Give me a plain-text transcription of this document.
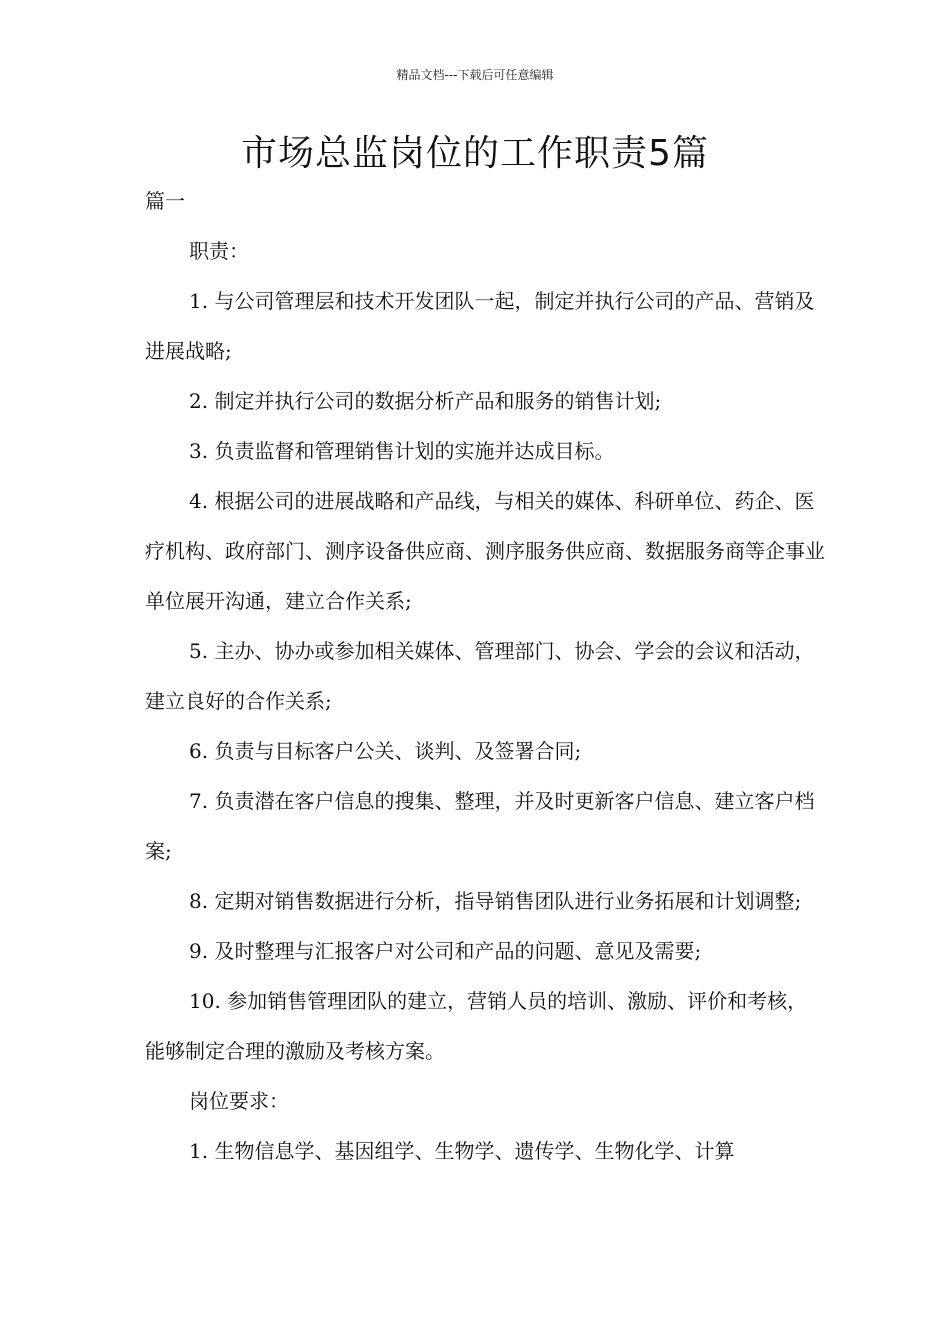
精品文档---下载后可任意编辑
市场总监岗位的工作职责5篇

篇一

职责：

1. 与公司管理层和技术开发团队一起，制定并执行公司的产品、营销及进展战略;

2. 制定并执行公司的数据分析产品和服务的销售计划;

3. 负责监督和管理销售计划的实施并达成目标。

4. 根据公司的进展战略和产品线，与相关的媒体、科研单位、药企、医疗机构、政府部门、测序设备供应商、测序服务供应商、数据服务商等企事业单位展开沟通，建立合作关系;

5. 主办、协办或参加相关媒体、管理部门、协会、学会的会议和活动，建立良好的合作关系;

6. 负责与目标客户公关、谈判、及签署合同;

7. 负责潜在客户信息的搜集、整理，并及时更新客户信息、建立客户档案;

8. 定期对销售数据进行分析，指导销售团队进行业务拓展和计划调整;

9. 及时整理与汇报客户对公司和产品的问题、意见及需要;

10. 参加销售管理团队的建立，营销人员的培训、激励、评价和考核，能够制定合理的激励及考核方案。

岗位要求：

1. 生物信息学、基因组学、生物学、遗传学、生物化学、计算
